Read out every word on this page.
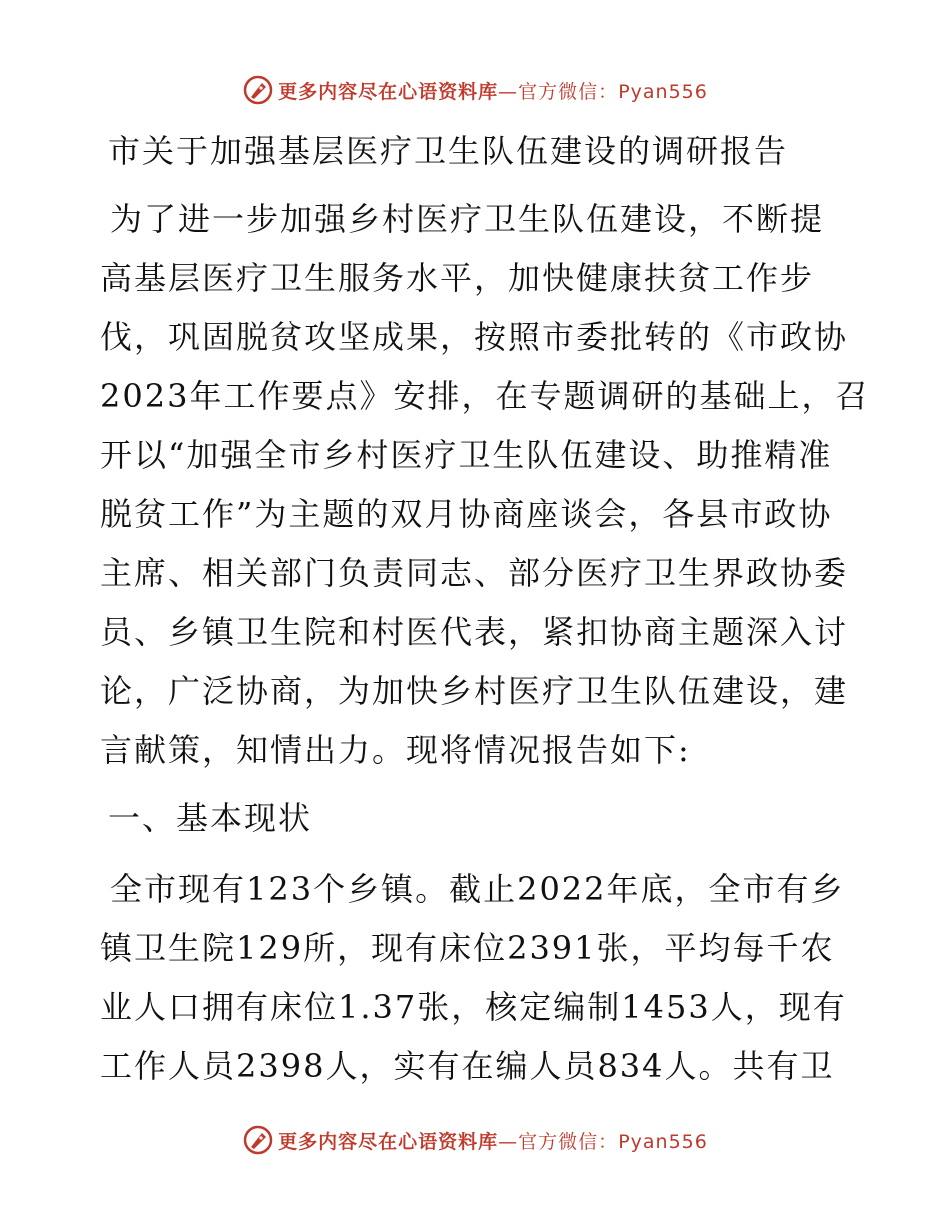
更多内容尽在心语资料库—官方微信：Pyan556
市关于加强基层医疗卫生队伍建设的调研报告
为了进一步加强乡村医疗卫生队伍建设，不断提
高基层医疗卫生服务水平，加快健康扶贫工作步
伐，巩固脱贫攻坚成果，按照市委批转的《市政协
2023年工作要点》安排，在专题调研的基础上，召
开以“加强全市乡村医疗卫生队伍建设、助推精准
脱贫工作”为主题的双月协商座谈会，各县市政协
主席、相关部门负责同志、部分医疗卫生界政协委
员、乡镇卫生院和村医代表，紧扣协商主题深入讨
论，广泛协商，为加快乡村医疗卫生队伍建设，建
言献策，知情出力。现将情况报告如下:
一、基本现状
全市现有123个乡镇。截止2022年底，全市有乡
镇卫生院129所，现有床位2391张，平均每千农
业人口拥有床位1.37张，核定编制1453人，现有
工作人员2398人，实有在编人员834人。共有卫
更多内容尽在心语资料库—官方微信：Pyan556
